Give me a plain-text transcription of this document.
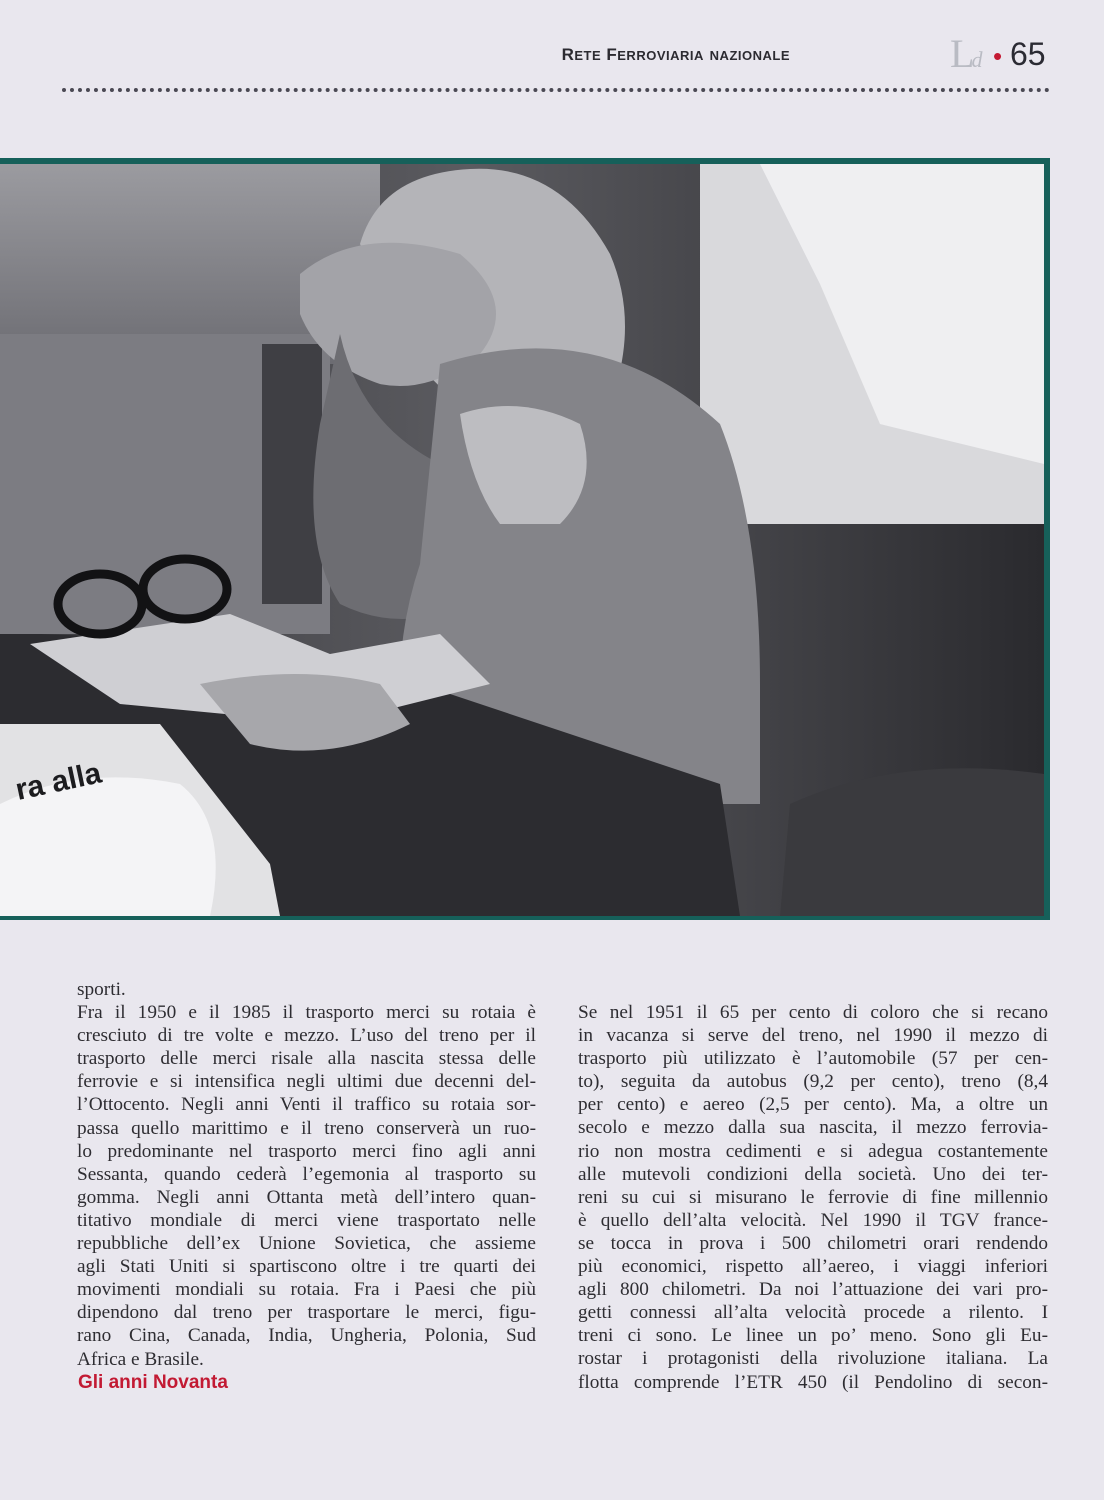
Rete Ferroviaria nazionale	Ld • 65
ra alla
sporti.
Fra il 1950 e il 1985 il trasporto merci su rotaia è
cresciuto di tre volte e mezzo. L’uso del treno per il
trasporto delle merci risale alla nascita stessa delle
ferrovie e si intensifica negli ultimi due decenni del-
l’Ottocento. Negli anni Venti il traffico su rotaia sor-
passa quello marittimo e il treno conserverà un ruo-
lo predominante nel trasporto merci fino agli anni
Sessanta, quando cederà l’egemonia al trasporto su
gomma. Negli anni Ottanta metà dell’intero quan-
titativo mondiale di merci viene trasportato nelle
repubbliche dell’ex Unione Sovietica, che assieme
agli Stati Uniti si spartiscono oltre i tre quarti dei
movimenti mondiali su rotaia. Fra i Paesi che più
dipendono dal treno per trasportare le merci, figu-
rano Cina, Canada, India, Ungheria, Polonia, Sud
Africa e Brasile.
Gli anni Novanta
Se nel 1951 il 65 per cento di coloro che si recano
in vacanza si serve del treno, nel 1990 il mezzo di
trasporto più utilizzato è l’automobile (57 per cen-
to), seguita da autobus (9,2 per cento), treno (8,4
per cento) e aereo (2,5 per cento). Ma, a oltre un
secolo e mezzo dalla sua nascita, il mezzo ferrovia-
rio non mostra cedimenti e si adegua costantemente
alle mutevoli condizioni della società. Uno dei ter-
reni su cui si misurano le ferrovie di fine millennio
è quello dell’alta velocità. Nel 1990 il TGV france-
se tocca in prova i 500 chilometri orari rendendo
più economici, rispetto all’aereo, i viaggi inferiori
agli 800 chilometri. Da noi l’attuazione dei vari pro-
getti connessi all’alta velocità procede a rilento. I
treni ci sono. Le linee un po’ meno. Sono gli Eu-
rostar i protagonisti della rivoluzione italiana. La
flotta comprende l’ETR 450 (il Pendolino di secon-
